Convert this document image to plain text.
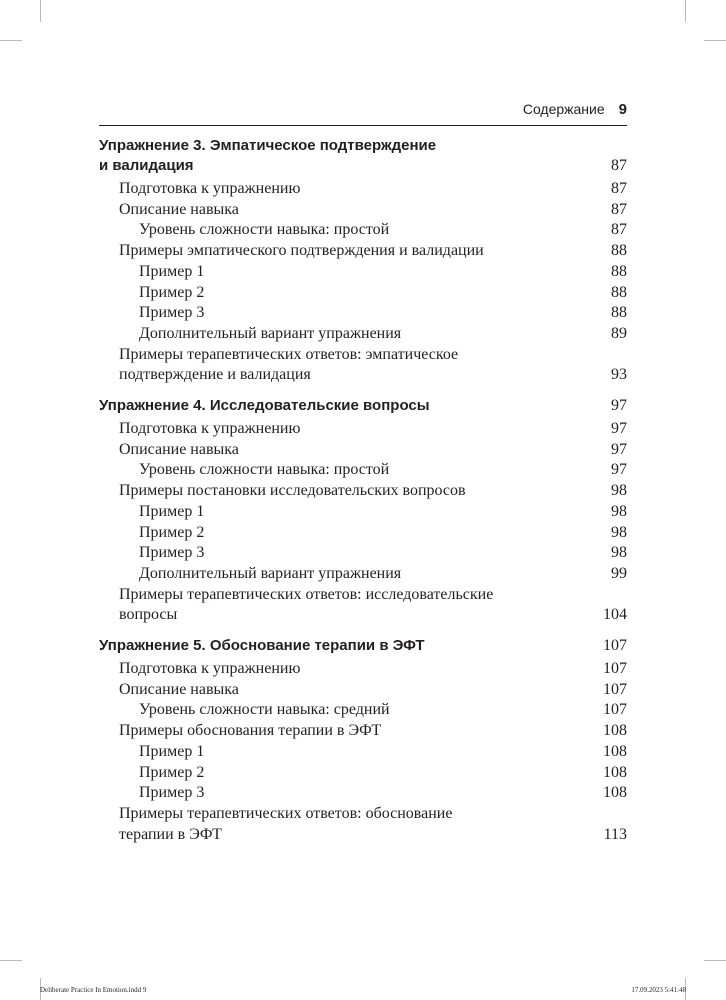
Содержание 9
Упражнение 3. Эмпатическое подтверждение
и валидация	87
Подготовка к упражнению	87
Описание навыка	87
Уровень сложности навыка: простой	87
Примеры эмпатического подтверждения и валидации	88
Пример 1	88
Пример 2	88
Пример 3	88
Дополнительный вариант упражнения	89
Примеры терапевтических ответов: эмпатическое
подтверждение и валидация	93
Упражнение 4. Исследовательские вопросы	97
Подготовка к упражнению	97
Описание навыка	97
Уровень сложности навыка: простой	97
Примеры постановки исследовательских вопросов	98
Пример 1	98
Пример 2	98
Пример 3	98
Дополнительный вариант упражнения	99
Примеры терапевтических ответов: исследовательские
вопросы	104
Упражнение 5. Обоснование терапии в ЭФТ	107
Подготовка к упражнению	107
Описание навыка	107
Уровень сложности навыка: средний	107
Примеры обоснования терапии в ЭФТ	108
Пример 1	108
Пример 2	108
Пример 3	108
Примеры терапевтических ответов: обоснование
терапии в ЭФТ	113
Deliberate Practice In Emotion.indd 9	17.09.2023 5:41:48
